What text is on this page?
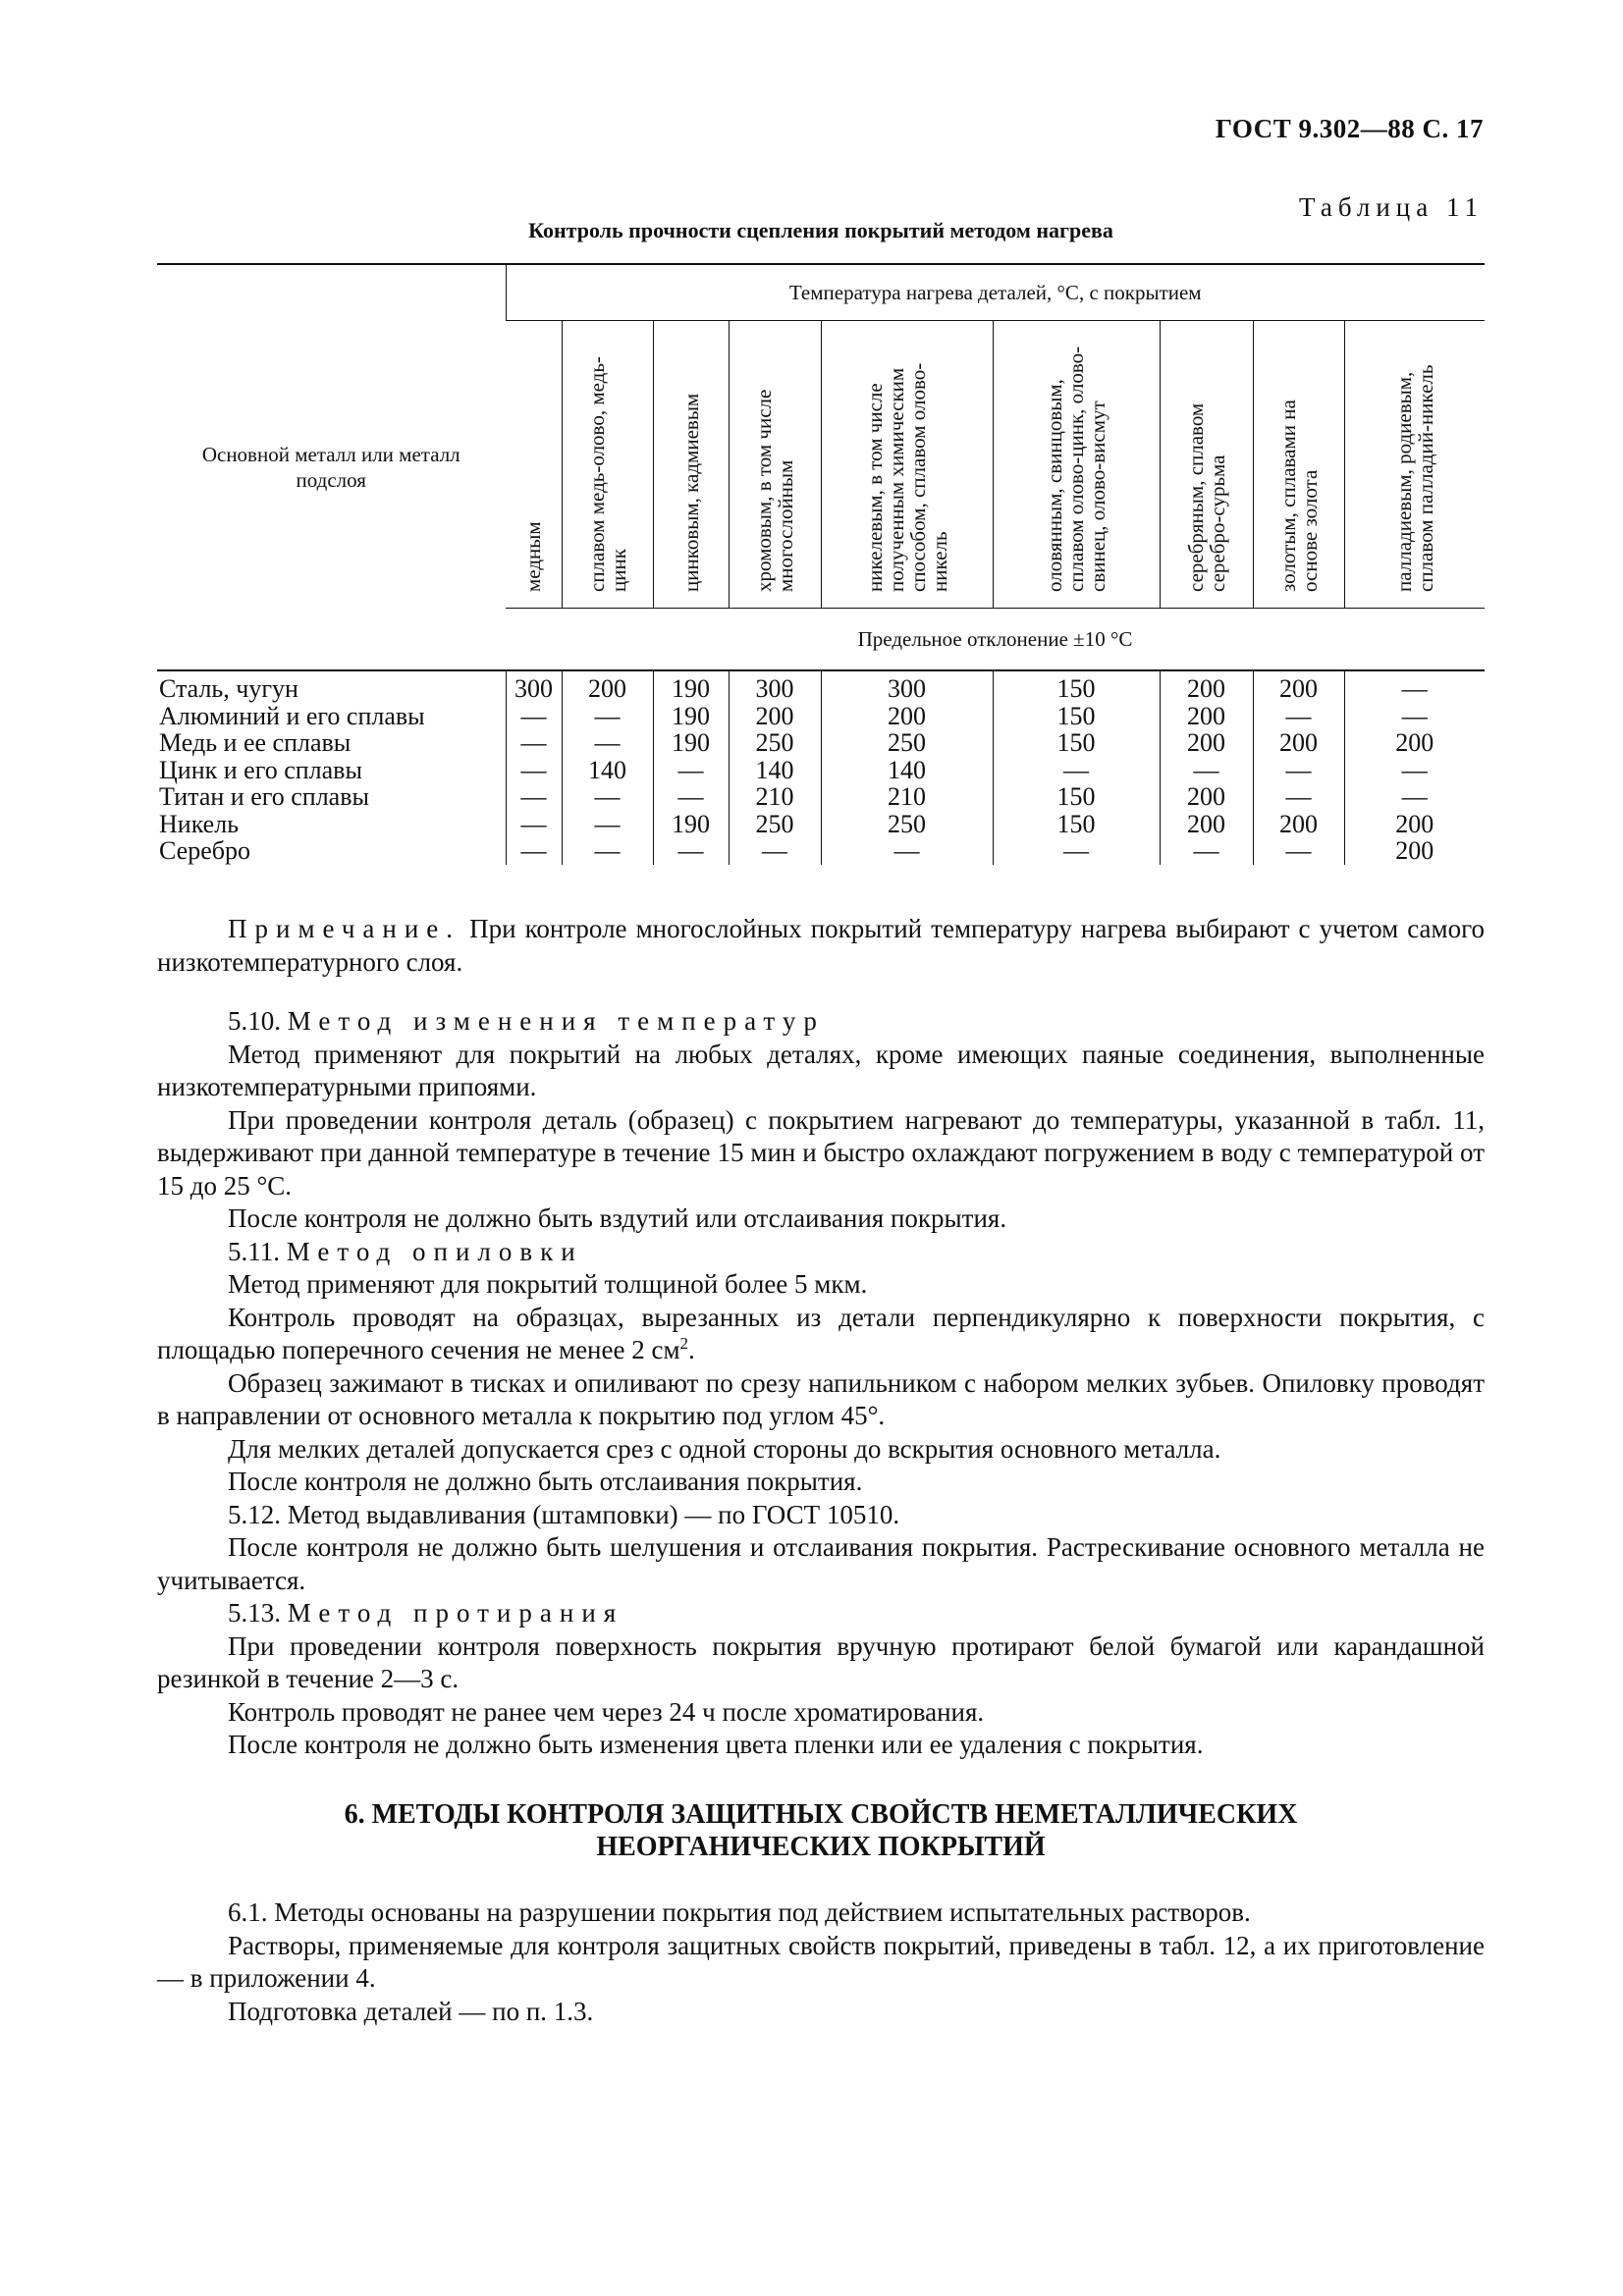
ГОСТ 9.302—88 С. 17
Таблица 11
Контроль прочности сцепления покрытий методом нагрева
Основной металл или металл подслоя	Температура нагрева деталей, °С, с покрытием								

	медным	сплавом медь-олово, медь-цинк	цинковым, кадмиевым	хромовым, в том числе многослойным	никелевым, в том числе полученным химическим способом, сплавом олово-никель	оловянным, свинцовым, сплавом олово-цинк, олово-свинец, олово-висмут	серебряным, сплавом серебро-сурьма	золотым, сплавами на основе золота	палладиевым, родиевым, сплавом палладий-никель

	Предельное отклонение ±10 °С								
Сталь, чугун	300	200	190	300	300	150	200	200	—
Алюминий и его сплавы	—	—	190	200	200	150	200	—	—
Медь и ее сплавы	—	—	190	250	250	150	200	200	200
Цинк и его сплавы	—	140	—	140	140	—	—	—	—
Титан и его сплавы	—	—	—	210	210	150	200	—	—
Никель	—	—	190	250	250	150	200	200	200
Серебро	—	—	—	—	—	—	—	—	200

Примечание. При контроле многослойных покрытий температуру нагрева выбирают с учетом самого низкотемпературного слоя.

5.10. Метод изменения температур

Метод применяют для покрытий на любых деталях, кроме имеющих паяные соединения, выполненные низкотемпературными припоями.

При проведении контроля деталь (образец) с покрытием нагревают до температуры, указанной в табл. 11, выдерживают при данной температуре в течение 15 мин и быстро охлаждают погружением в воду с температурой от 15 до 25 °С.

После контроля не должно быть вздутий или отслаивания покрытия.

5.11. Метод опиловки

Метод применяют для покрытий толщиной более 5 мкм.

Контроль проводят на образцах, вырезанных из детали перпендикулярно к поверхности покрытия, с площадью поперечного сечения не менее 2 $см^2$.

Образец зажимают в тисках и опиливают по срезу напильником с набором мелких зубьев. Опиловку проводят в направлении от основного металла к покрытию под углом 45°.

Для мелких деталей допускается срез с одной стороны до вскрытия основного металла.

После контроля не должно быть отслаивания покрытия.

5.12. Метод выдавливания (штамповки) — по ГОСТ 10510.

После контроля не должно быть шелушения и отслаивания покрытия. Растрескивание основного металла не учитывается.

5.13. Метод протирания

При проведении контроля поверхность покрытия вручную протирают белой бумагой или карандашной резинкой в течение 2—3 с.

Контроль проводят не ранее чем через 24 ч после хроматирования.

После контроля не должно быть изменения цвета пленки или ее удаления с покрытия.

6. МЕТОДЫ КОНТРОЛЯ ЗАЩИТНЫХ СВОЙСТВ НЕМЕТАЛЛИЧЕСКИХ
НЕОРГАНИЧЕСКИХ ПОКРЫТИЙ

6.1. Методы основаны на разрушении покрытия под действием испытательных растворов.

Растворы, применяемые для контроля защитных свойств покрытий, приведены в табл. 12, а их приготовление — в приложении 4.

Подготовка деталей — по п. 1.3.
